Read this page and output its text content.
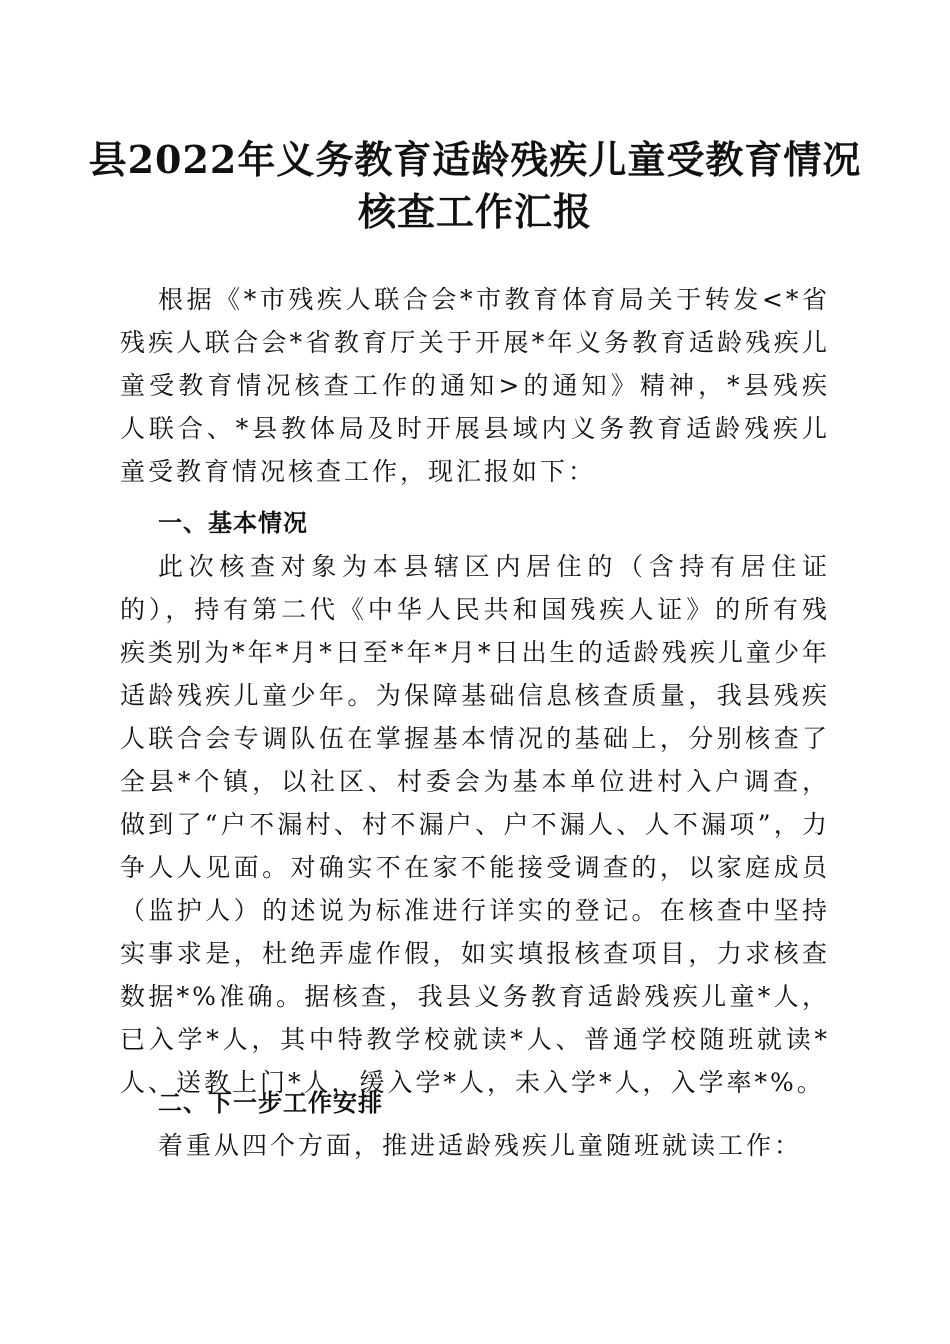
县2022年义务教育适龄残疾儿童受教育情况
核查工作汇报

根据《*市残疾人联合会*市教育体育局关于转发<*省残疾人联合会*省教育厅关于开展*年义务教育适龄残疾儿童受教育情况核查工作的通知>的通知》精神，*县残疾人联合、*县教体局及时开展县域内义务教育适龄残疾儿童受教育情况核查工作，现汇报如下：

一、基本情况

此次核查对象为本县辖区内居住的（含持有居住证的），持有第二代《中华人民共和国残疾人证》的所有残疾类别为*年*月*日至*年*月*日出生的适龄残疾儿童少年适龄残疾儿童少年。为保障基础信息核查质量，我县残疾人联合会专调队伍在掌握基本情况的基础上，分别核查了全县*个镇，以社区、村委会为基本单位进村入户调查，做到了“户不漏村、村不漏户、户不漏人、人不漏项”，力争人人见面。对确实不在家不能接受调查的，以家庭成员（监护人）的述说为标准进行详实的登记。在核查中坚持实事求是，杜绝弄虚作假，如实填报核查项目，力求核查数据*%准确。据核查，我县义务教育适龄残疾儿童*人，已入学*人，其中特教学校就读*人、普通学校随班就读*人、送教上门*人，缓入学*人，未入学*人，入学率*%。

二、下一步工作安排

着重从四个方面，推进适龄残疾儿童随班就读工作：
